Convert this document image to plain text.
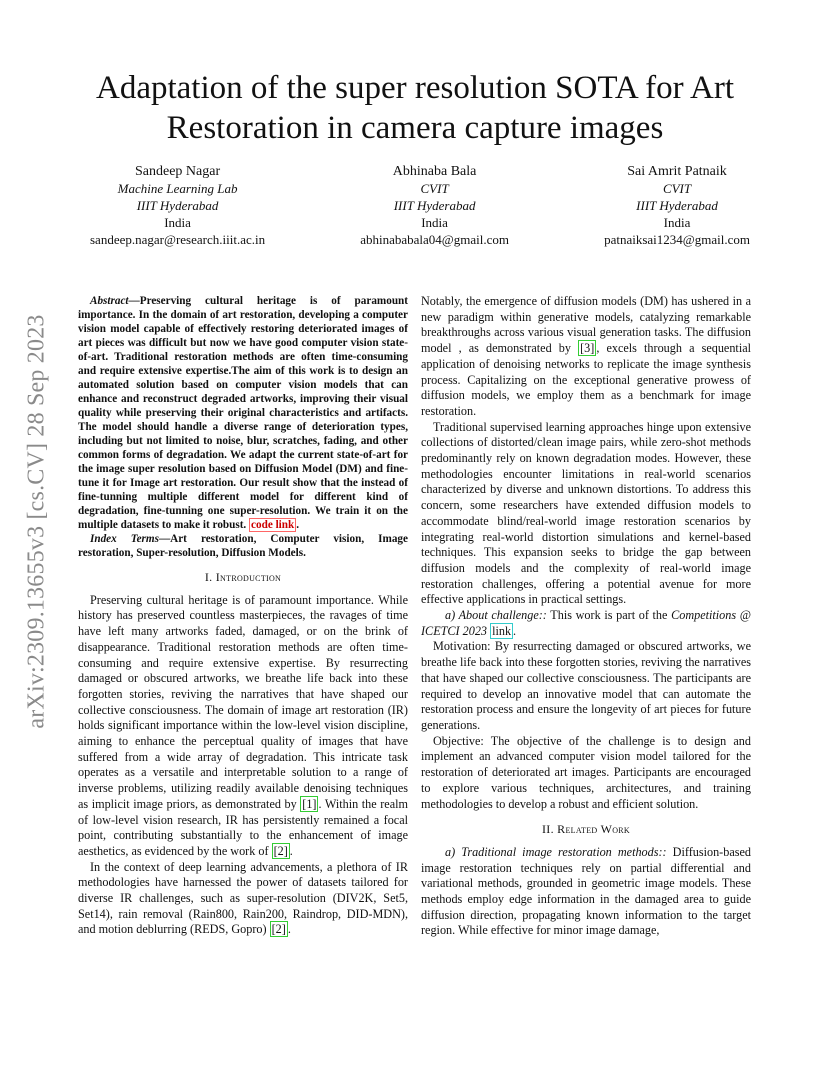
arXiv:2309.13655v3 [cs.CV] 28 Sep 2023
Adaptation of the super resolution SOTA for Art Restoration in camera capture images
Sandeep Nagar
Machine Learning Lab
IIIT Hyderabad
India
sandeep.nagar@research.iiit.ac.in
Abhinaba Bala
CVIT
IIIT Hyderabad
India
abhinababala04@gmail.com
Sai Amrit Patnaik
CVIT
IIIT Hyderabad
India
patnaiksai1234@gmail.com

Abstract—Preserving cultural heritage is of paramount importance. In the domain of art restoration, developing a computer vision model capable of effectively restoring deteriorated images of art pieces was difficult but now we have good computer vision state-of-art. Traditional restoration methods are often time-consuming and require extensive expertise.The aim of this work is to design an automated solution based on computer vision models that can enhance and reconstruct degraded artworks, improving their visual quality while preserving their original characteristics and artifacts. The model should handle a diverse range of deterioration types, including but not limited to noise, blur, scratches, fading, and other common forms of degradation. We adapt the current state-of-art for the image super resolution based on Diffusion Model (DM) and fine-tune it for Image art restoration. Our result show that the instead of fine-tunning multiple different model for different kind of degradation, fine-tunning one super-resolution. We train it on the multiple datasets to make it robust. code link .

Index Terms—Art restoration, Computer vision, Image restoration, Super-resolution, Diffusion Models.

I. Introduction

Preserving cultural heritage is of paramount importance. While history has preserved countless masterpieces, the ravages of time have left many artworks faded, damaged, or on the brink of disappearance. Traditional restoration methods are often time-consuming and require extensive expertise. By resurrecting damaged or obscured artworks, we breathe life back into these forgotten stories, reviving the narratives that have shaped our collective consciousness. The domain of image art restoration (IR) holds significant importance within the low-level vision discipline, aiming to enhance the perceptual quality of images that have suffered from a wide array of degradation. This intricate task operates as a versatile and interpretable solution to a range of inverse problems, utilizing readily available denoising techniques as implicit image priors, as demonstrated by [1] . Within the realm of low-level vision research, IR has persistently remained a focal point, contributing substantially to the enhancement of image aesthetics, as evidenced by the work of [2] .

In the context of deep learning advancements, a plethora of IR methodologies have harnessed the power of datasets tailored for diverse IR challenges, such as super-resolution (DIV2K, Set5, Set14), rain removal (Rain800, Rain200, Raindrop, DID-MDN), and motion deblurring (REDS, Gopro) [2] .

Notably, the emergence of diffusion models (DM) has ushered in a new paradigm within generative models, catalyzing remarkable breakthroughs across various visual generation tasks. The diffusion model , as demonstrated by [3] , excels through a sequential application of denoising networks to replicate the image synthesis process. Capitalizing on the exceptional generative prowess of diffusion models, we employ them as a benchmark for image restoration.

Traditional supervised learning approaches hinge upon extensive collections of distorted/clean image pairs, while zero-shot methods predominantly rely on known degradation modes. However, these methodologies encounter limitations in real-world scenarios characterized by diverse and unknown distortions. To address this concern, some researchers have extended diffusion models to accommodate blind/real-world image restoration scenarios by integrating real-world distortion simulations and kernel-based techniques. This expansion seeks to bridge the gap between diffusion models and the complexity of real-world image restoration challenges, offering a potential avenue for more effective applications in practical settings.

a) About challenge:: This work is part of the Competitions @ ICETCI 2023 link .

Motivation: By resurrecting damaged or obscured artworks, we breathe life back into these forgotten stories, reviving the narratives that have shaped our collective consciousness. The participants are required to develop an innovative model that can automate the restoration process and ensure the longevity of art pieces for future generations.

Objective: The objective of the challenge is to design and implement an advanced computer vision model tailored for the restoration of deteriorated art images. Participants are encouraged to explore various techniques, architectures, and training methodologies to develop a robust and efficient solution.

II. Related Work

a) Traditional image restoration methods:: Diffusion-based image restoration techniques rely on partial differential and variational methods, grounded in geometric image models. These methods employ edge information in the damaged area to guide diffusion direction, propagating known information to the target region. While effective for minor image damage,
